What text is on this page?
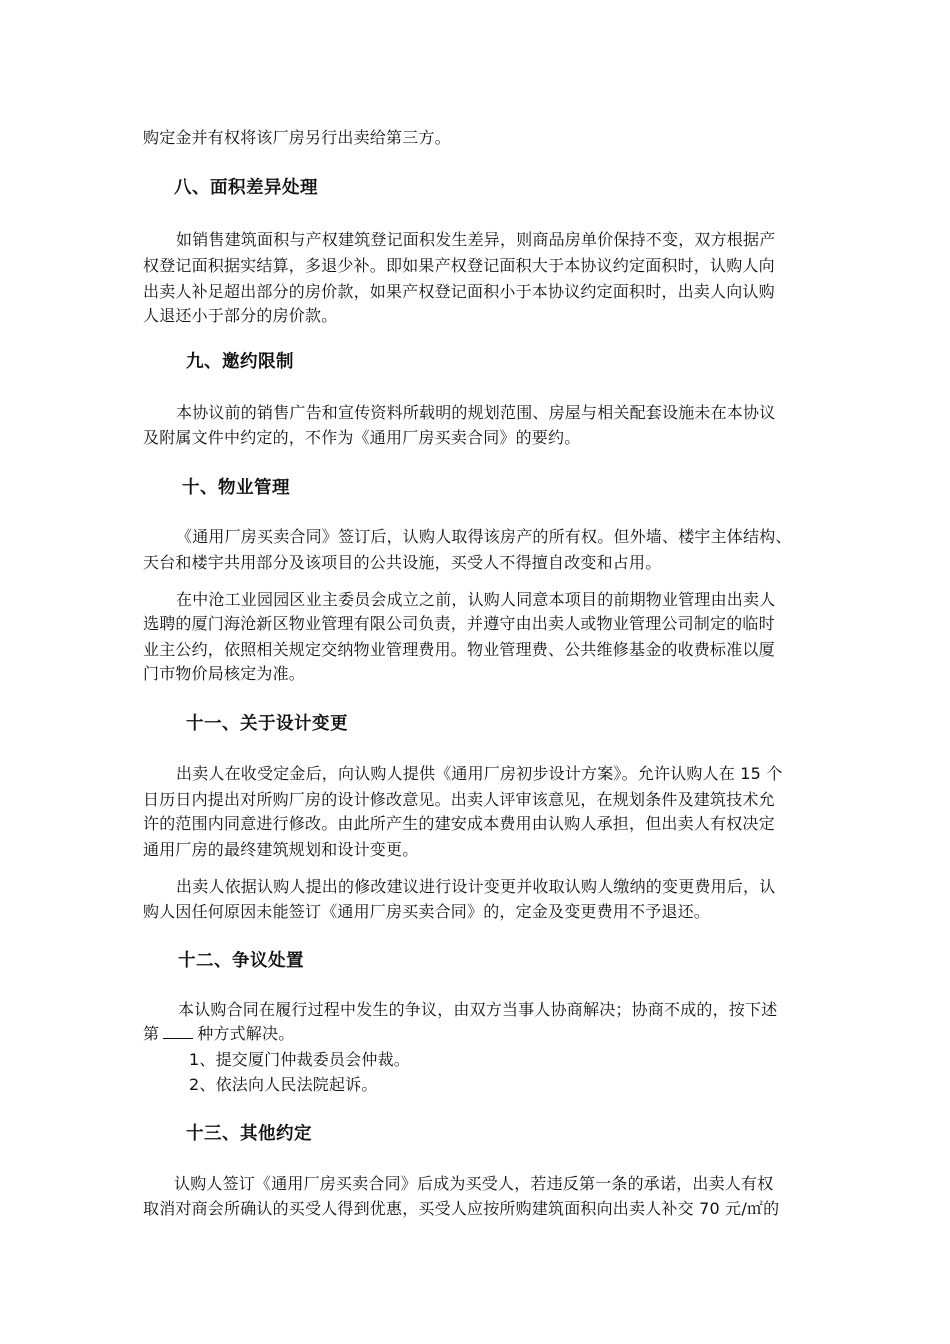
购定金并有权将该厂房另行出卖给第三方。
八、面积差异处理
如销售建筑面积与产权建筑登记面积发生差异，则商品房单价保持不变，双方根据产
权登记面积据实结算，多退少补。即如果产权登记面积大于本协议约定面积时，认购人向
出卖人补足超出部分的房价款，如果产权登记面积小于本协议约定面积时，出卖人向认购
人退还小于部分的房价款。
九、邀约限制
本协议前的销售广告和宣传资料所载明的规划范围、房屋与相关配套设施未在本协议
及附属文件中约定的，不作为《通用厂房买卖合同》的要约。
十、物业管理
《通用厂房买卖合同》签订后，认购人取得该房产的所有权。但外墙、楼宇主体结构、
天台和楼宇共用部分及该项目的公共设施，买受人不得擅自改变和占用。
在中沧工业园园区业主委员会成立之前，认购人同意本项目的前期物业管理由出卖人
选聘的厦门海沧新区物业管理有限公司负责，并遵守由出卖人或物业管理公司制定的临时
业主公约，依照相关规定交纳物业管理费用。物业管理费、公共维修基金的收费标准以厦
门市物价局核定为准。
十一、关于设计变更
出卖人在收受定金后，向认购人提供《通用厂房初步设计方案》。允许认购人在 15 个
日历日内提出对所购厂房的设计修改意见。出卖人评审该意见，在规划条件及建筑技术允
许的范围内同意进行修改。由此所产生的建安成本费用由认购人承担，但出卖人有权决定
通用厂房的最终建筑规划和设计变更。
出卖人依据认购人提出的修改建议进行设计变更并收取认购人缴纳的变更费用后，认
购人因任何原因未能签订《通用厂房买卖合同》的，定金及变更费用不予退还。
十二、争议处置
本认购合同在履行过程中发生的争议，由双方当事人协商解决；协商不成的，按下述
第 种方式解决。
1、提交厦门仲裁委员会仲裁。
2、依法向人民法院起诉。
十三、其他约定
认购人签订《通用厂房买卖合同》后成为买受人，若违反第一条的承诺，出卖人有权
取消对商会所确认的买受人得到优惠，买受人应按所购建筑面积向出卖人补交 70 元/㎡的
